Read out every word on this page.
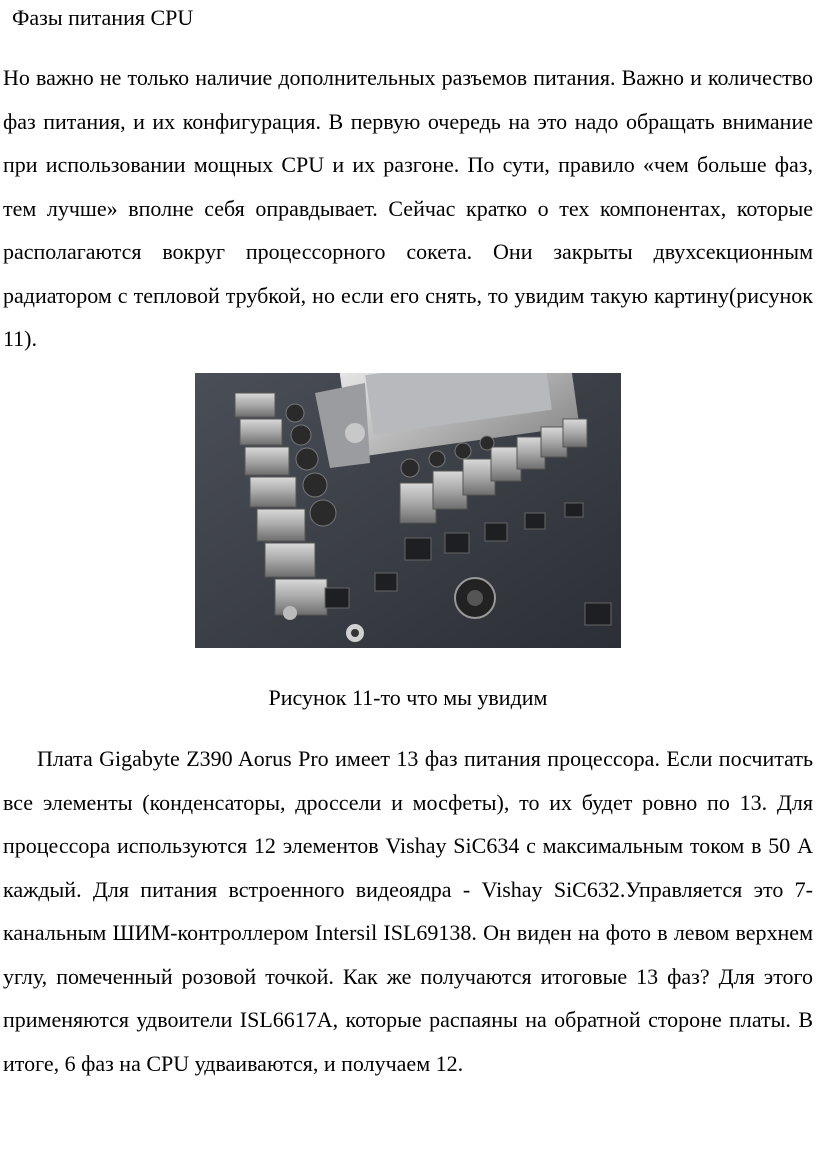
Фазы питания CPU

Но важно не только наличие дополнительных разъемов питания. Важно и количество фаз питания, и их конфигурация. В первую очередь на это надо обращать внимание при использовании мощных CPU и их разгоне. По сути, правило «чем больше фаз, тем лучше» вполне себя оправдывает. Сейчас кратко о тех компонентах, которые располагаются вокруг процессорного сокета. Они закрыты двухсекционным радиатором с тепловой трубкой, но если его снять, то увидим такую картину(рисунок 11).

Рисунок 11-то что мы увидим

Плата Gigabyte Z390 Aorus Pro имеет 13 фаз питания процессора. Если посчитать все элементы (конденсаторы, дроссели и мосфеты), то их будет ровно по 13. Для процессора используются 12 элементов Vishay SiC634 с максимальным током в 50 А каждый. Для питания встроенного видеоядра - Vishay SiC632.Управляется это 7-канальным ШИМ-контроллером Intersil ISL69138. Он виден на фото в левом верхнем углу, помеченный розовой точкой. Как же получаются итоговые 13 фаз? Для этого применяются удвоители ISL6617A, которые распаяны на обратной стороне платы. В итоге, 6 фаз на CPU удваиваются, и получаем 12.
